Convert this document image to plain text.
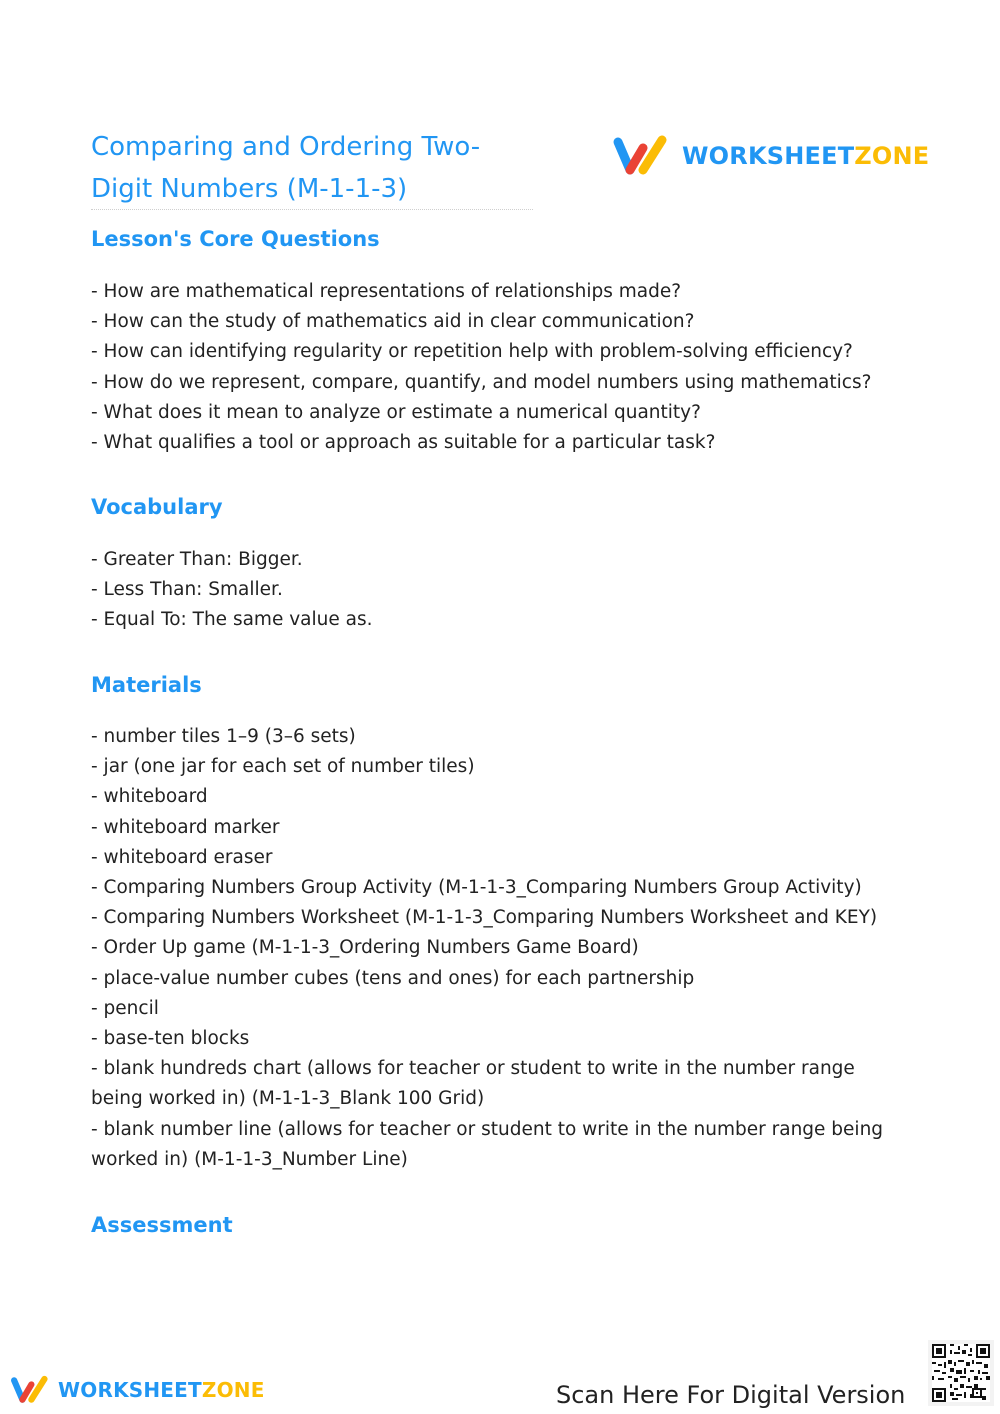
Comparing and Ordering Two-Digit Numbers (M-1-1-3)
WORKSHEETZONE
Lesson's Core Questions
- How are mathematical representations of relationships made?
- How can the study of mathematics aid in clear communication?
- How can identifying regularity or repetition help with problem-solving efficiency?
- How do we represent, compare, quantify, and model numbers using mathematics?
- What does it mean to analyze or estimate a numerical quantity?
- What qualifies a tool or approach as suitable for a particular task?
Vocabulary
- Greater Than: Bigger.
- Less Than: Smaller.
- Equal To: The same value as.
Materials
- number tiles 1–9 (3–6 sets)
- jar (one jar for each set of number tiles)
- whiteboard
- whiteboard marker
- whiteboard eraser
- Comparing Numbers Group Activity (M-1-1-3_Comparing Numbers Group Activity)
- Comparing Numbers Worksheet (M-1-1-3_Comparing Numbers Worksheet and KEY)
- Order Up game (M-1-1-3_Ordering Numbers Game Board)
- place-value number cubes (tens and ones) for each partnership
- pencil
- base-ten blocks
- blank hundreds chart (allows for teacher or student to write in the number range being worked in) (M-1-1-3_Blank 100 Grid)
- blank number line (allows for teacher or student to write in the number range being worked in) (M-1-1-3_Number Line)
Assessment
WORKSHEETZONE	Scan Here For Digital Version
